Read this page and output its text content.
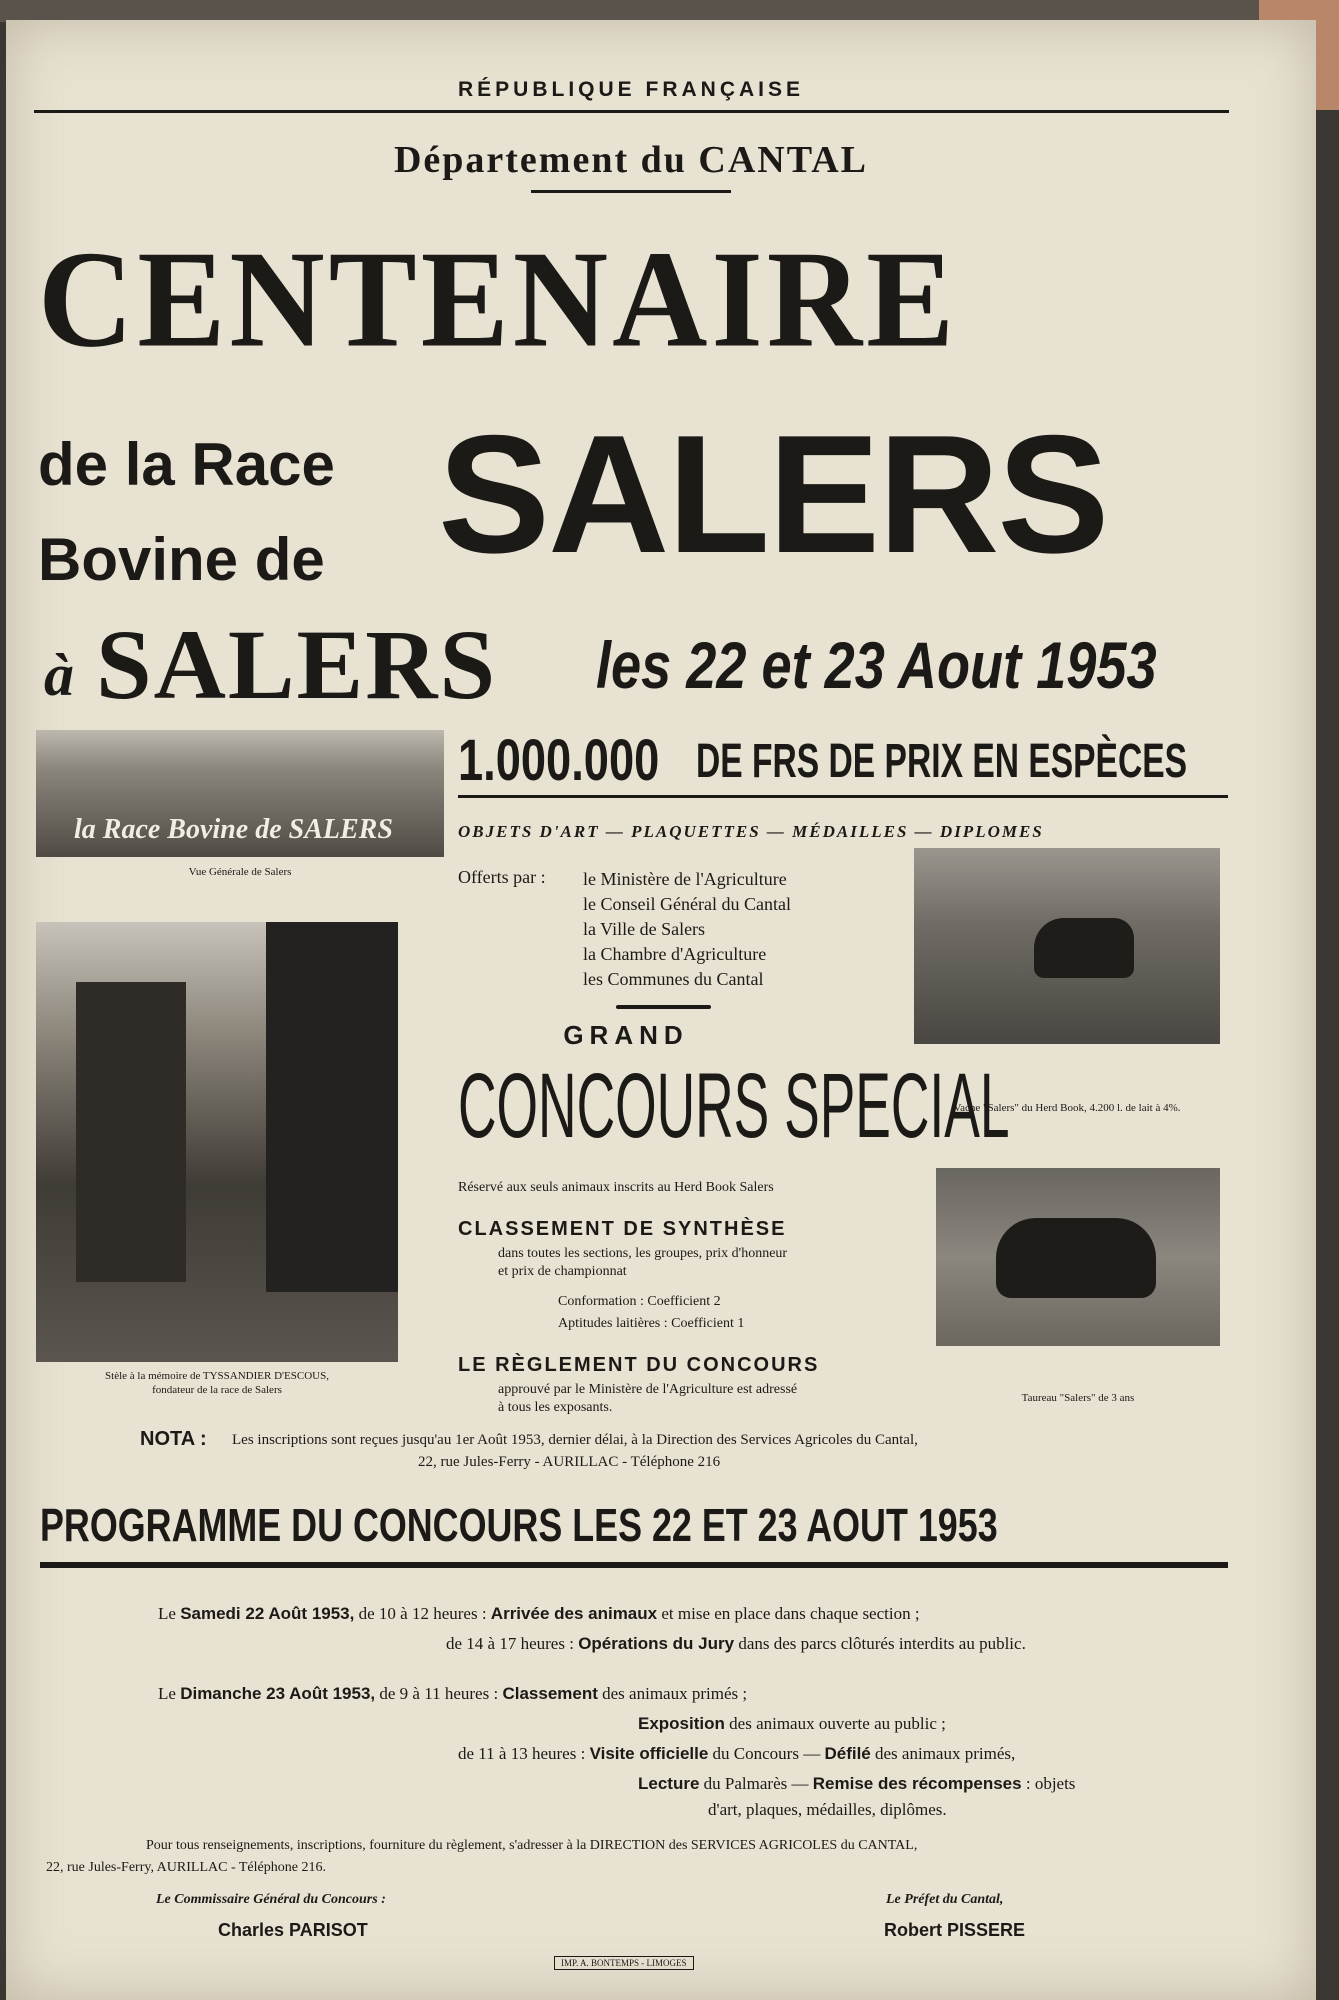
RÉPUBLIQUE FRANÇAISE
Département du CANTAL
CENTENAIRE
de la Race
Bovine de SALERS
à SALERS les 22 et 23 Aout 1953
1.000.000 DE FRS DE PRIX EN ESPÈCES
OBJETS D'ART — PLAQUETTES — MÉDAILLES — DIPLOMES
Offerts par : le Ministère de l'Agriculture
le Conseil Général du Cantal
la Ville de Salers
la Chambre d'Agriculture
les Communes du Cantal
la Race Bovine de SALERS
Vue Générale de Salers
Stèle à la mémoire de TYSSANDIER D'ESCOUS,
fondateur de la race de Salers
Vache "Salers" du Herd Book, 4.200 l. de lait à 4%.
Taureau "Salers" de 3 ans
GRAND
CONCOURS SPECIAL
Réservé aux seuls animaux inscrits au Herd Book Salers
CLASSEMENT DE SYNTHÈSE
dans toutes les sections, les groupes, prix d'honneur
et prix de championnat
Conformation : Coefficient 2
Aptitudes laitières : Coefficient 1
LE RÈGLEMENT DU CONCOURS
approuvé par le Ministère de l'Agriculture est adressé
à tous les exposants.
NOTA : Les inscriptions sont reçues jusqu'au 1er Août 1953, dernier délai, à la Direction des Services Agricoles du Cantal,
22, rue Jules-Ferry - AURILLAC - Téléphone 216
PROGRAMME DU CONCOURS LES 22 ET 23 AOUT 1953
Le Samedi 22 Août 1953, de 10 à 12 heures : Arrivée des animaux et mise en place dans chaque section ;
de 14 à 17 heures : Opérations du Jury dans des parcs clôturés interdits au public.
Le Dimanche 23 Août 1953, de 9 à 11 heures : Classement des animaux primés ;
Exposition des animaux ouverte au public ;
de 11 à 13 heures : Visite officielle du Concours — Défilé des animaux primés,
Lecture du Palmarès — Remise des récompenses : objets
d'art, plaques, médailles, diplômes.
Pour tous renseignements, inscriptions, fourniture du règlement, s'adresser à la DIRECTION des SERVICES AGRICOLES du CANTAL,
22, rue Jules-Ferry, AURILLAC - Téléphone 216.
Le Commissaire Général du Concours :
Charles PARISOT
Le Préfet du Cantal,
Robert PISSERE
IMP. A. BONTEMPS - LIMOGES
